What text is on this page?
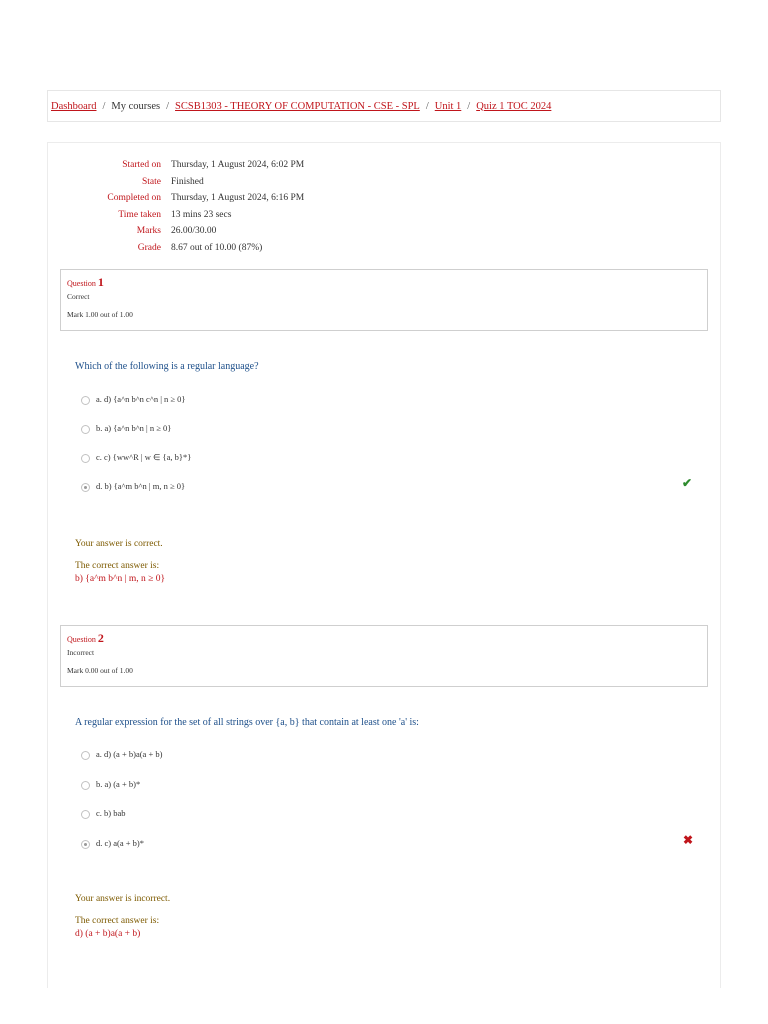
Dashboard / My courses / SCSB1303 - THEORY OF COMPUTATION - CSE - SPL / Unit 1 / Quiz 1 TOC 2024
Started on	Thursday, 1 August 2024, 6:02 PM
State	Finished
Completed on	Thursday, 1 August 2024, 6:16 PM
Time taken	13 mins 23 secs
Marks	26.00/30.00
Grade	8.67 out of 10.00 (87%)
Question 1
Correct
Mark 1.00 out of 1.00
Which of the following is a regular language?
a. d) {a^n b^n c^n | n ≥ 0}
b. a) {a^n b^n | n ≥ 0}
c. c) {ww^R | w ∈ {a, b}*}
d. b) {a^m b^n | m, n ≥ 0}	✔
Your answer is correct.
The correct answer is:
b) {a^m b^n | m, n ≥ 0}
Question 2
Incorrect
Mark 0.00 out of 1.00
A regular expression for the set of all strings over {a, b} that contain at least one 'a' is:
a. d) (a + b)a(a + b)
b. a) (a + b)*
c. b) bab
d. c) a(a + b)*	✖
Your answer is incorrect.
The correct answer is:
d) (a + b)a(a + b)
